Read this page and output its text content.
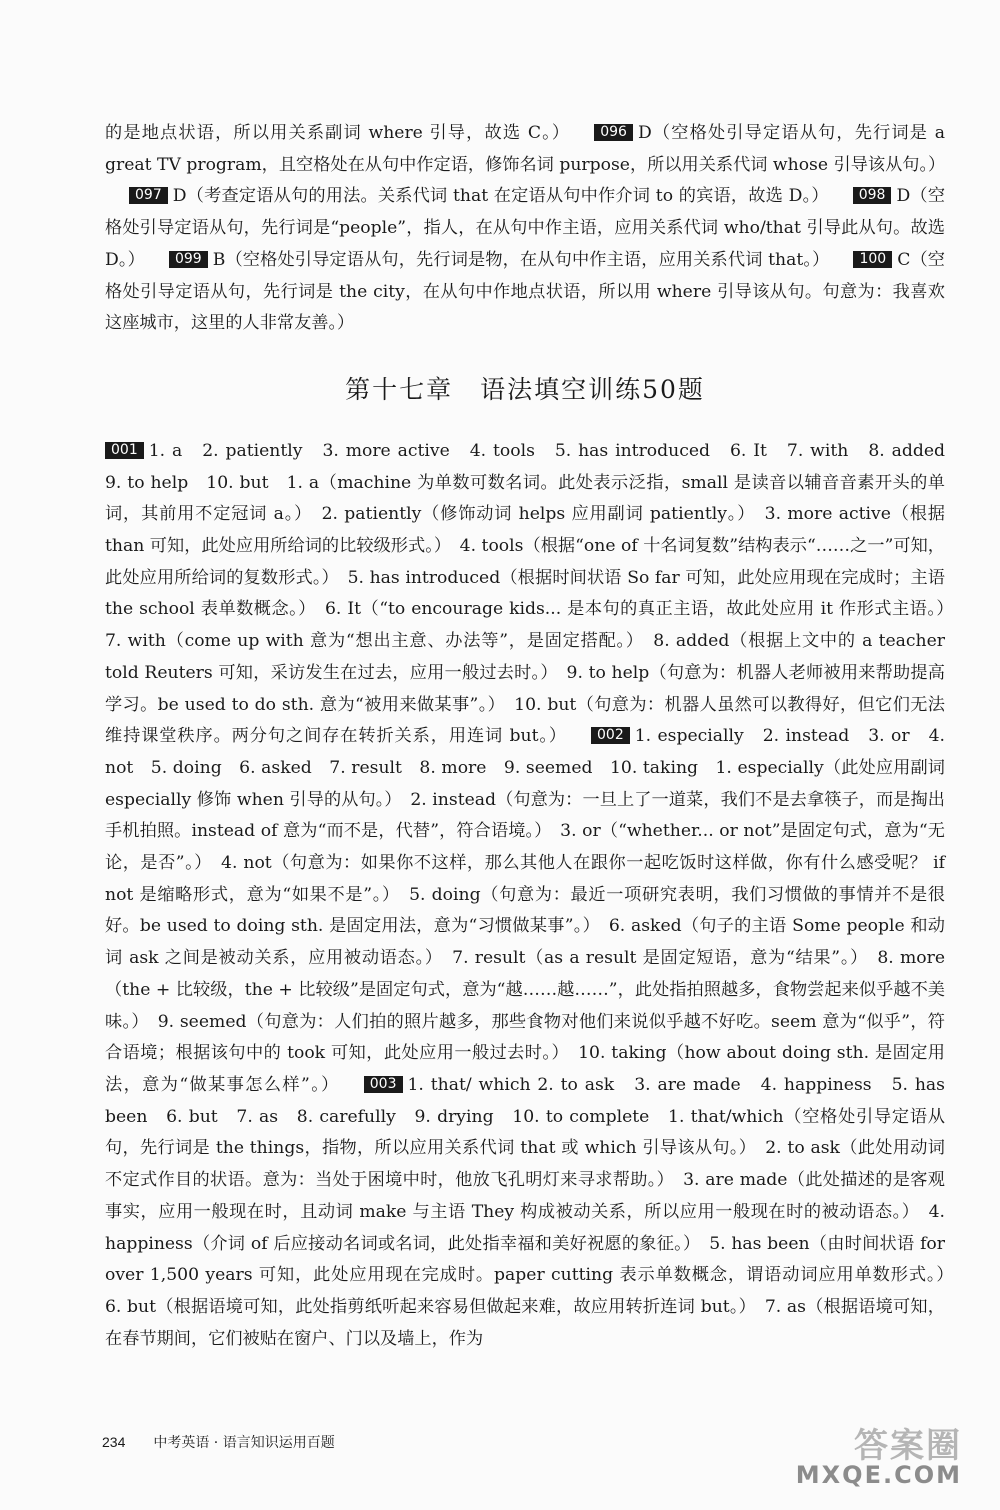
的是地点状语，所以用关系副词 where 引导，故选 C。） 096 D（空格处引导定语从句，先行词是 a great TV program，且空格处在从句中作定语，修饰名词 purpose，所以用关系代词 whose 引导该从句。）097 D（考查定语从句的用法。关系代词 that 在定语从句中作介词 to 的宾语，故选 D。） 098 D（空格处引导定语从句，先行词是“people”，指人，在从句中作主语，应用关系代词 who/that 引导此从句。故选 D。） 099 B（空格处引导定语从句，先行词是物，在从句中作主语，应用关系代词 that。） 100 C（空格处引导定语从句，先行词是 the city，在从句中作地点状语，所以用 where 引导该从句。句意为：我喜欢这座城市，这里的人非常友善。）

第十七章　语法填空训练50题

001 1. a　2. patiently　3. more active　4. tools　5. has introduced　6. It　7. with　8. added　9. to help　10. but　1. a（machine 为单数可数名词。此处表示泛指，small 是读音以辅音音素开头的单词，其前用不定冠词 a。）　2. patiently（修饰动词 helps 应用副词 patiently。）　3. more active（根据 than 可知，此处应用所给词的比较级形式。）　4. tools（根据“one of 十名词复数”结构表示“……之一”可知，此处应用所给词的复数形式。）　5. has introduced（根据时间状语 So far 可知，此处应用现在完成时；主语 the school 表单数概念。）　6. It（“to encourage kids... 是本句的真正主语，故此处应用 it 作形式主语。）　7. with（come up with 意为“想出主意、办法等”，是固定搭配。）　8. added（根据上文中的 a teacher told Reuters 可知，采访发生在过去，应用一般过去时。）　9. to help（句意为：机器人老师被用来帮助提高学习。be used to do sth. 意为“被用来做某事”。）　10. but（句意为：机器人虽然可以教得好，但它们无法维持课堂秩序。两分句之间存在转折关系，用连词 but。） 002 1. especially　2. instead　3. or　4. not　5. doing　6. asked　7. result　8. more　9. seemed　10. taking　1. especially（此处应用副词 especially 修饰 when 引导的从句。）　2. instead（句意为：一旦上了一道菜，我们不是去拿筷子，而是掏出手机拍照。instead of 意为“而不是，代替”，符合语境。）　3. or（“whether... or not”是固定句式，意为“无论，是否”。）　4. not（句意为：如果你不这样，那么其他人在跟你一起吃饭时这样做，你有什么感受呢？ if not 是缩略形式，意为“如果不是”。）　5. doing（句意为：最近一项研究表明，我们习惯做的事情并不是很好。be used to doing sth. 是固定用法，意为“习惯做某事”。）　6. asked（句子的主语 Some people 和动词 ask 之间是被动关系，应用被动语态。）　7. result（as a result 是固定短语，意为“结果”。）　8. more（the + 比较级，the + 比较级”是固定句式，意为“越……越……”，此处指拍照越多，食物尝起来似乎越不美味。）　9. seemed（句意为：人们拍的照片越多，那些食物对他们来说似乎越不好吃。seem 意为“似乎”，符合语境；根据该句中的 took 可知，此处应用一般过去时。）　10. taking（how about doing sth. 是固定用法，意为“做某事怎么样”。） 003 1. that/ which 2. to ask　3. are made　4. happiness　5. has been　6. but　7. as　8. carefully　9. drying　10. to complete　1. that/which（空格处引导定语从句，先行词是 the things，指物，所以应用关系代词 that 或 which 引导该从句。）　2. to ask（此处用动词不定式作目的状语。意为：当处于困境中时，他放飞孔明灯来寻求帮助。）　3. are made（此处描述的是客观事实，应用一般现在时，且动词 make 与主语 They 构成被动关系，所以应用一般现在时的被动语态。）　4. happiness（介词 of 后应接动名词或名词，此处指幸福和美好祝愿的象征。）　5. has been（由时间状语 for over 1,500 years 可知，此处应用现在完成时。paper cutting 表示单数概念，谓语动词应用单数形式。）　6. but（根据语境可知，此处指剪纸听起来容易但做起来难，故应用转折连词 but。）　7. as（根据语境可知，在春节期间，它们被贴在窗户、门以及墙上，作为

234 中考英语 · 语言知识运用百题	答案圈
MXQE.COM
